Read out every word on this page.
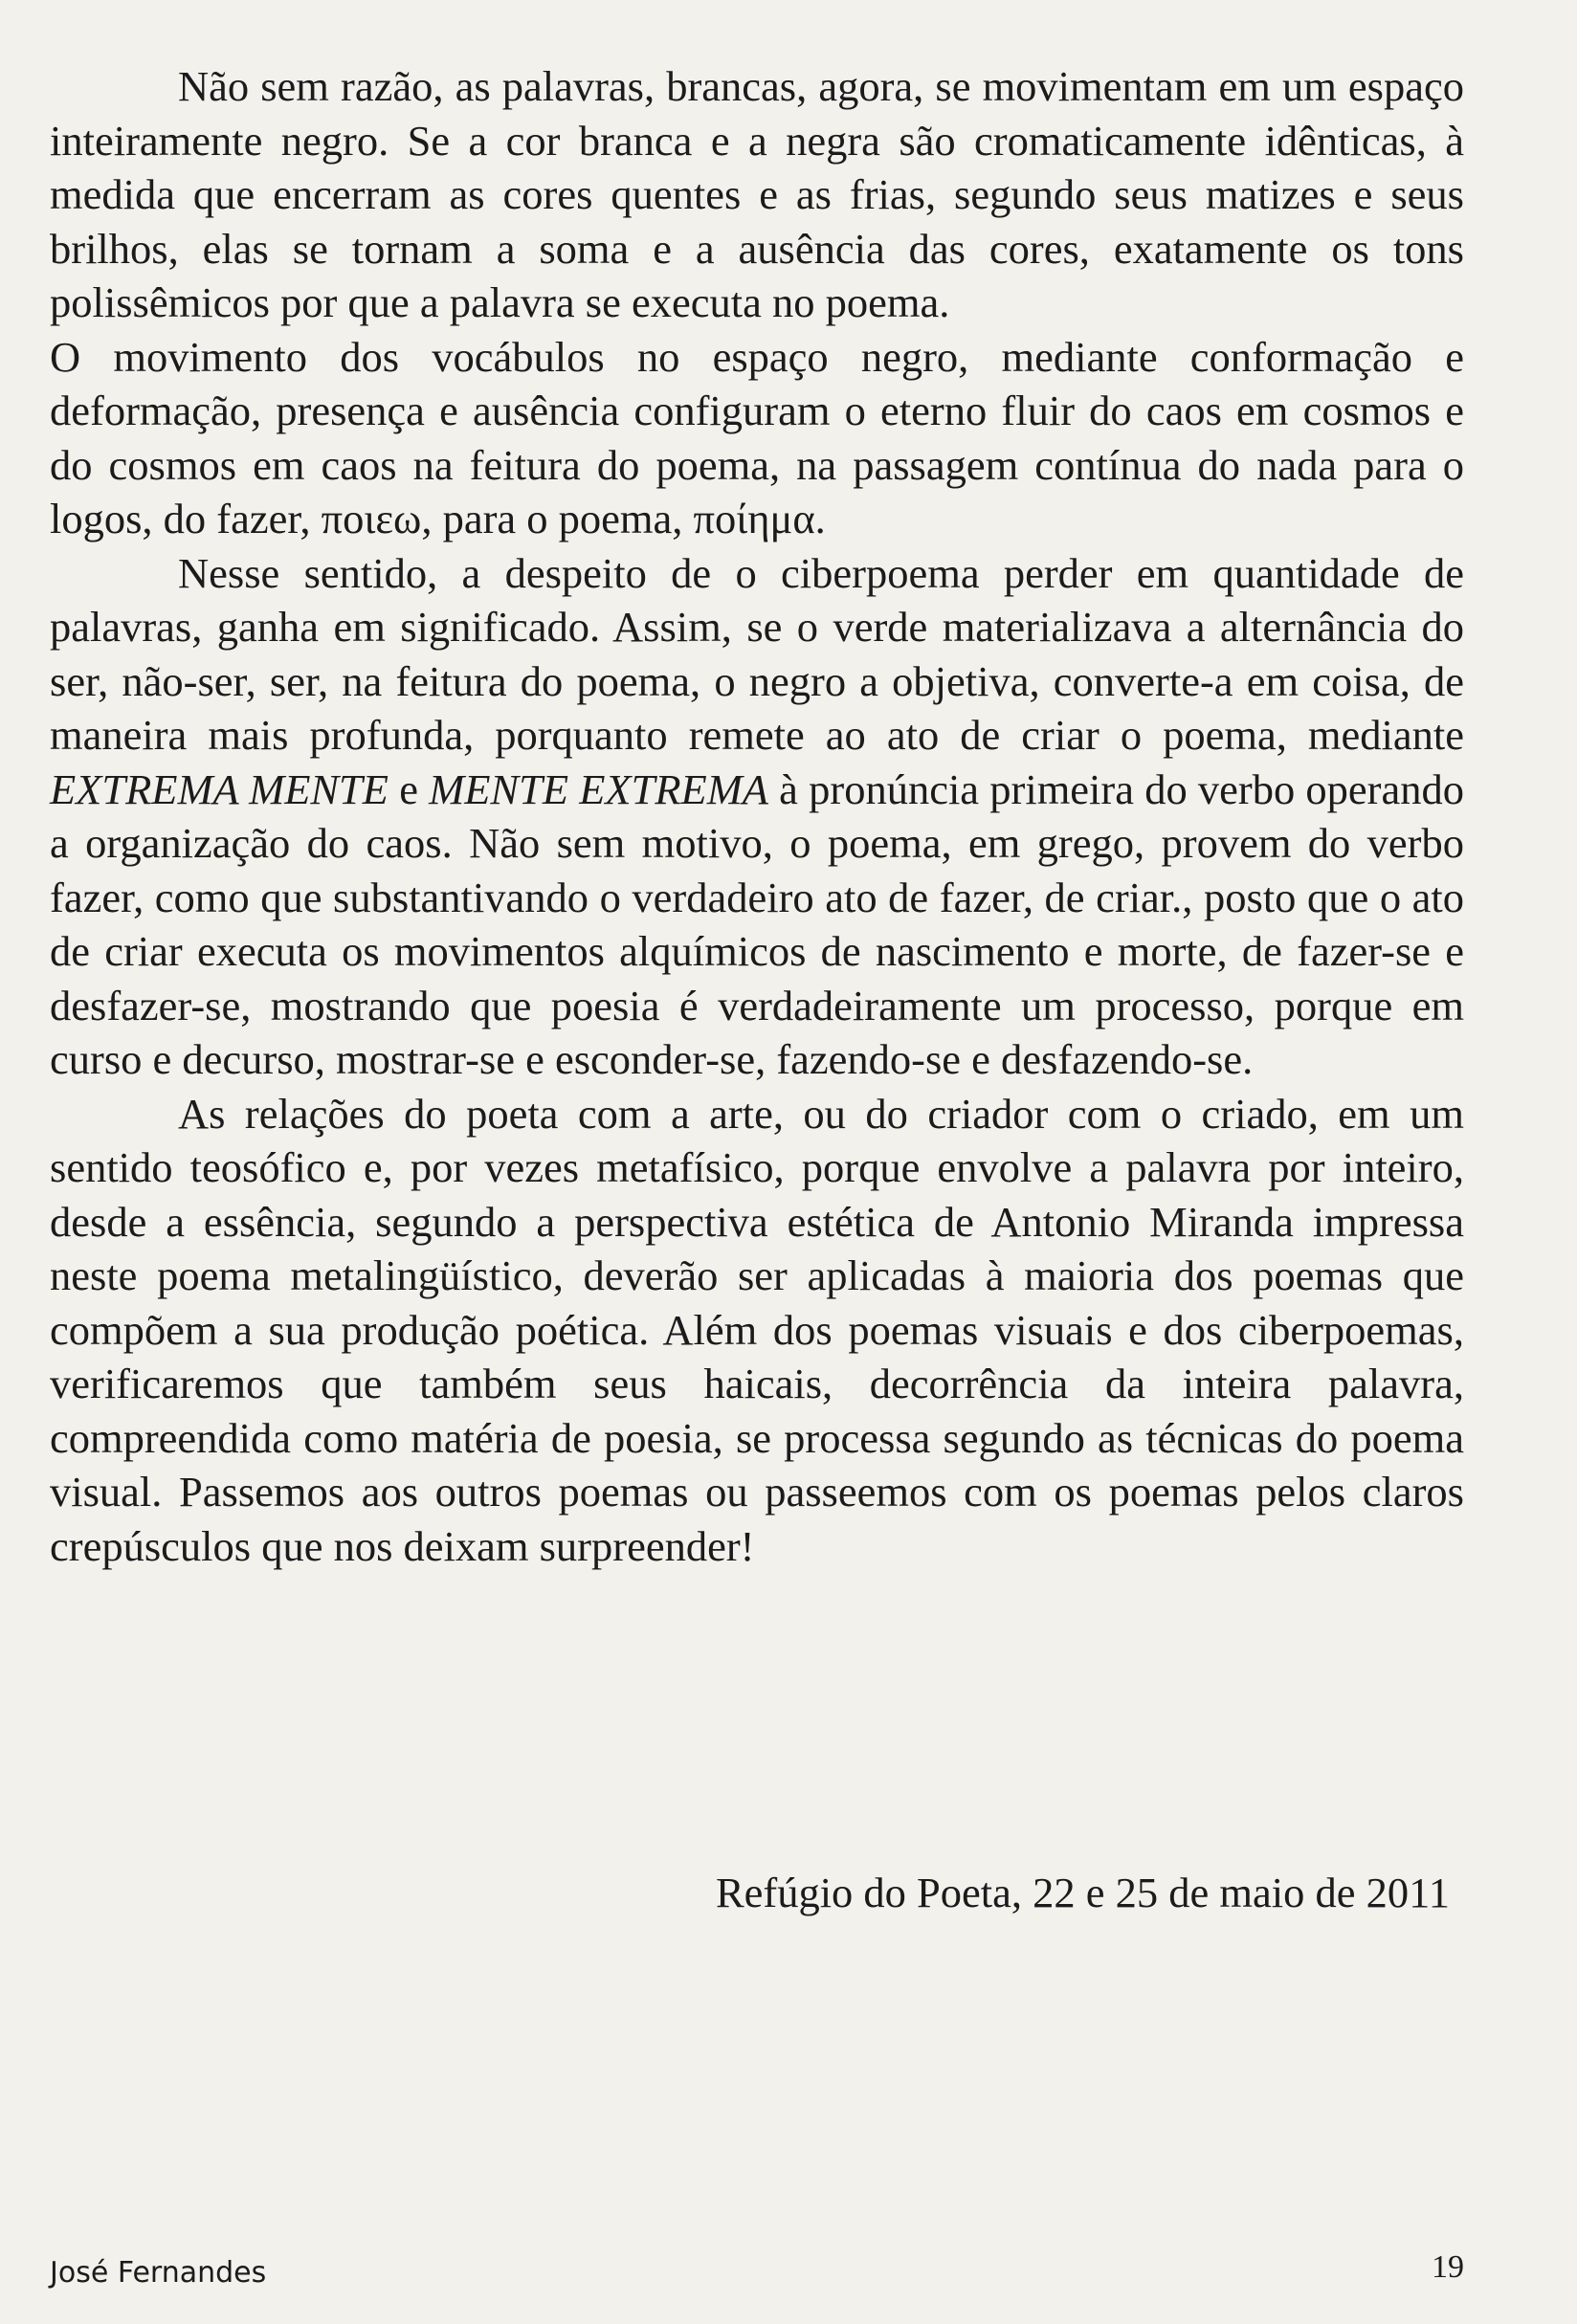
Não sem razão, as palavras, brancas, agora, se movimentam em um espaço inteiramente negro. Se a cor branca e a negra são cromaticamente idênticas, à medida que encerram as cores quentes e as frias, segundo seus matizes e seus brilhos, elas se tornam a soma e a ausência das cores, exatamente os tons polissêmicos por que a palavra se executa no poema.

O movimento dos vocábulos no espaço negro, mediante conformação e deformação, presença e ausência configuram o eterno fluir do caos em cosmos e do cosmos em caos na feitura do poema, na passagem contínua do nada para o logos, do fazer, ποιεω, para o poema, ποίημα.

Nesse sentido, a despeito de o ciberpoema perder em quantidade de palavras, ganha em significado. Assim, se o verde materializava a alternância do ser, não-ser, ser, na feitura do poema, o negro a objetiva, converte-a em coisa, de maneira mais profunda, porquanto remete ao ato de criar o poema, mediante EXTREMA MENTE e MENTE EXTREMA à pronúncia primeira do verbo operando a organização do caos. Não sem motivo, o poema, em grego, provem do verbo fazer, como que substantivando o verdadeiro ato de fazer, de criar., posto que o ato de criar executa os movimentos alquímicos de nascimento e morte, de fazer-se e desfazer-se, mostrando que poesia é verdadeiramente um processo, porque em curso e decurso, mostrar-se e esconder-se, fazendo-se e desfazendo-se.

As relações do poeta com a arte, ou do criador com o criado, em um sentido teosófico e, por vezes metafísico, porque envolve a palavra por inteiro, desde a essência, segundo a perspectiva estética de Antonio Miranda impressa neste poema metalingüístico, deverão ser aplicadas à maioria dos poemas que compõem a sua produção poética. Além dos poemas visuais e dos ciberpoemas, verificaremos que também seus haicais, decorrência da inteira palavra, compreendida como matéria de poesia, se processa segundo as técnicas do poema visual. Passemos aos outros poemas ou passeemos com os poemas pelos claros crepúsculos que nos deixam surpreender!

Refúgio do Poeta, 22 e 25 de maio de 2011
José Fernandes	19
